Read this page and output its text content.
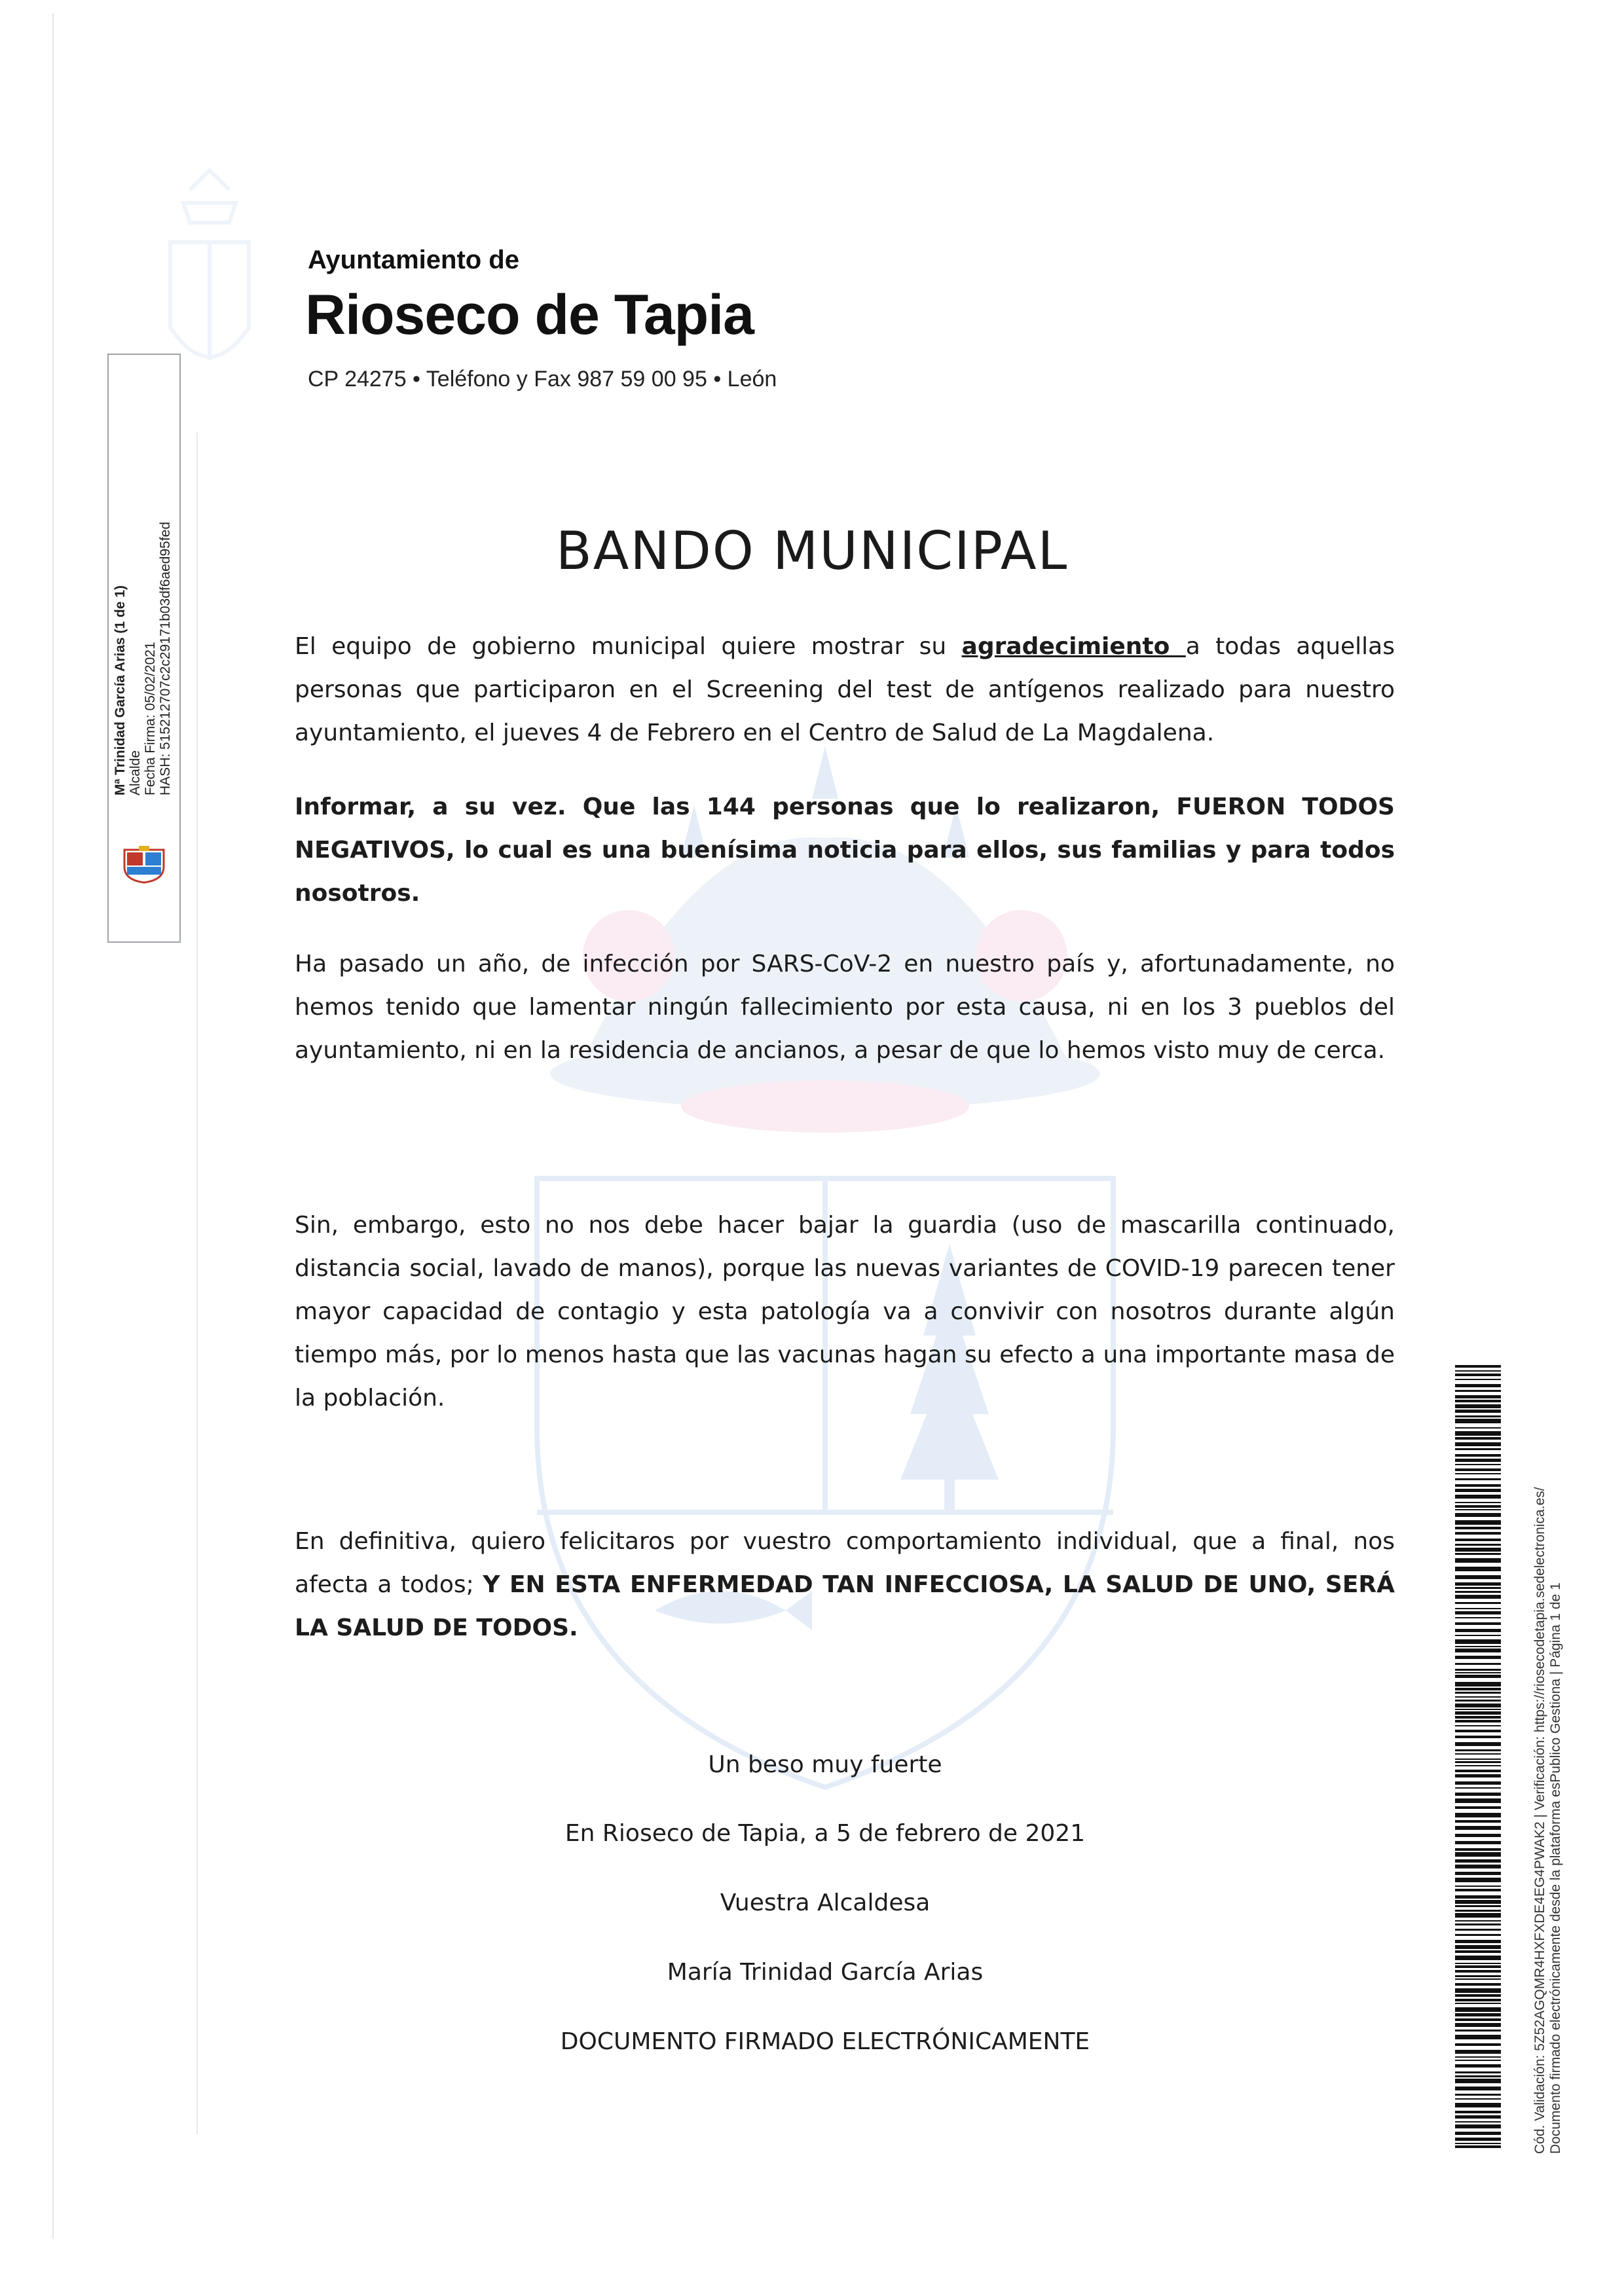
Ayuntamiento de
Rioseco de Tapia
CP 24275 • Teléfono y Fax 987 59 00 95 • León
Mª Trinidad García Arias (1 de 1) Alcalde Fecha Firma: 05/02/2021 HASH: 515212707c2c29171b03df6aed95fed	BANDO MUNICIPAL
El equipo de gobierno municipal quiere mostrar su agradecimiento a todas aquellas personas que participaron en el Screening del test de antígenos realizado para nuestro ayuntamiento, el jueves 4 de Febrero en el Centro de Salud de La Magdalena.
Informar, a su vez. Que las 144 personas que lo realizaron, FUERON TODOS NEGATIVOS, lo cual es una buenísima noticia para ellos, sus familias y para todos nosotros.
Ha pasado un año, de infección por SARS-CoV-2 en nuestro país y, afortunadamente, no hemos tenido que lamentar ningún fallecimiento por esta causa, ni en los 3 pueblos del ayuntamiento, ni en la residencia de ancianos, a pesar de que lo hemos visto muy de cerca.
Sin, embargo, esto no nos debe hacer bajar la guardia (uso de mascarilla continuado, distancia social, lavado de manos), porque las nuevas variantes de COVID-19 parecen tener mayor capacidad de contagio y esta patología va a convivir con nosotros durante algún tiempo más, por lo menos hasta que las vacunas hagan su efecto a una importante masa de la población.
En definitiva, quiero felicitaros por vuestro comportamiento individual, que a final, nos afecta a todos; Y EN ESTA ENFERMEDAD TAN INFECCIOSA, LA SALUD DE UNO, SERÁ LA SALUD DE TODOS.
Un beso muy fuerte
En Rioseco de Tapia, a 5 de febrero de 2021
Vuestra Alcaldesa
María Trinidad García Arias
DOCUMENTO FIRMADO ELECTRÓNICAMENTE	Cód. Validación: 5Z52AGQMR4HXFXDE4EG4PWAK2 | Verificación: https://riosecodetapia.sedelectronica.es/ Documento firmado electrónicamente desde la plataforma esPublico Gestiona | Página 1 de 1
